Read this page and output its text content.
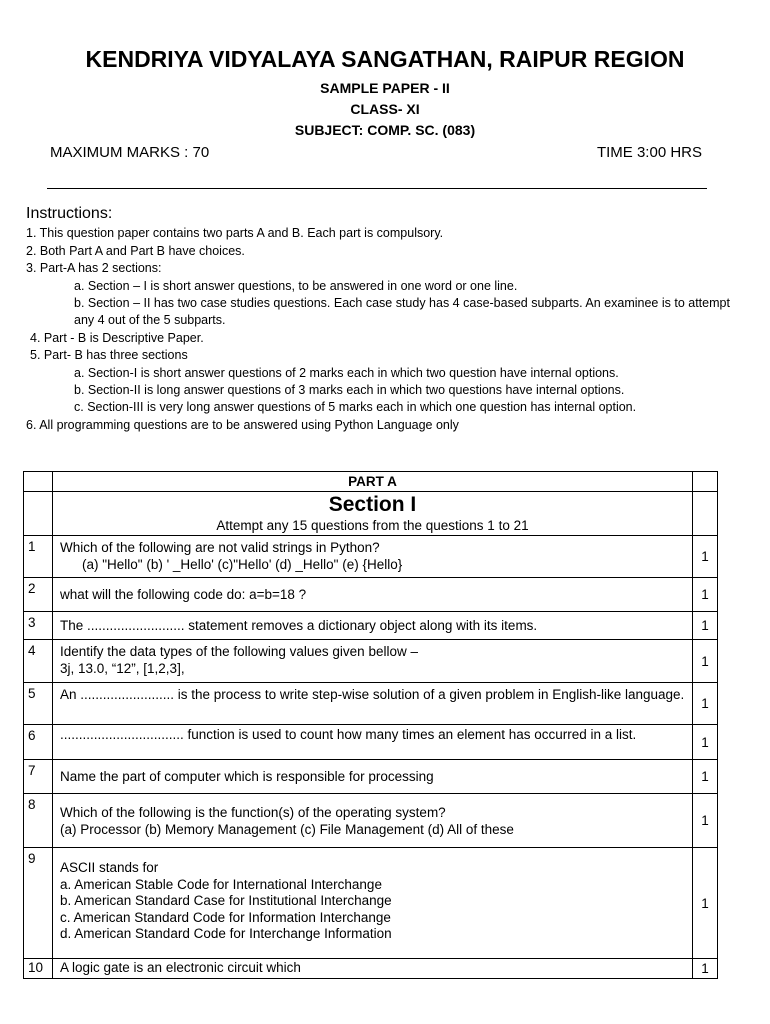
KENDRIYA VIDYALAYA SANGATHAN, RAIPUR REGION
SAMPLE PAPER - II
CLASS- XI
SUBJECT: COMP. SC. (083)
MAXIMUM MARKS : 70	TIME 3:00 HRS
Instructions:
1. This question paper contains two parts A and B. Each part is compulsory.
2. Both Part A and Part B have choices.
3. Part-A has 2 sections:
a. Section – I is short answer questions, to be answered in one word or one line.
b. Section – II has two case studies questions. Each case study has 4 case-based subparts. An examinee is to attempt any 4 out of the 5 subparts.
4. Part - B is Descriptive Paper.
5. Part- B has three sections
a. Section-I is short answer questions of 2 marks each in which two question have internal options.
b. Section-II is long answer questions of 3 marks each in which two questions have internal options.
c. Section-III is very long answer questions of 5 marks each in which one question has internal option.
6. All programming questions are to be answered using Python Language only
	PART A	

	Section I
Attempt any 15 questions from the questions 1 to 21	

1	Which of the following are not valid strings in Python?
(a) "Hello" (b) ' _Hello' (c)"Hello' (d) _Hello" (e) {Hello}	1
2	what will the following code do: a=b=18 ?	1
3	The .......................... statement removes a dictionary object along with its items.	1
4	Identify the data types of the following values given bellow –
3j, 13.0, “12”, [1,2,3],	1
5	An ......................... is the process to write step-wise solution of a given problem in English-like language.	1
6	................................. function is used to count how many times an element has occurred in a list.	1
7	Name the part of computer which is responsible for processing	1
8	Which of the following is the function(s) of the operating system?
(a) Processor (b) Memory Management (c) File Management (d) All of these	1
9	ASCII stands for
a. American Stable Code for International Interchange
b. American Standard Case for Institutional Interchange
c. American Standard Code for Information Interchange
d. American Standard Code for Interchange Information	1
10	A logic gate is an electronic circuit which	1
